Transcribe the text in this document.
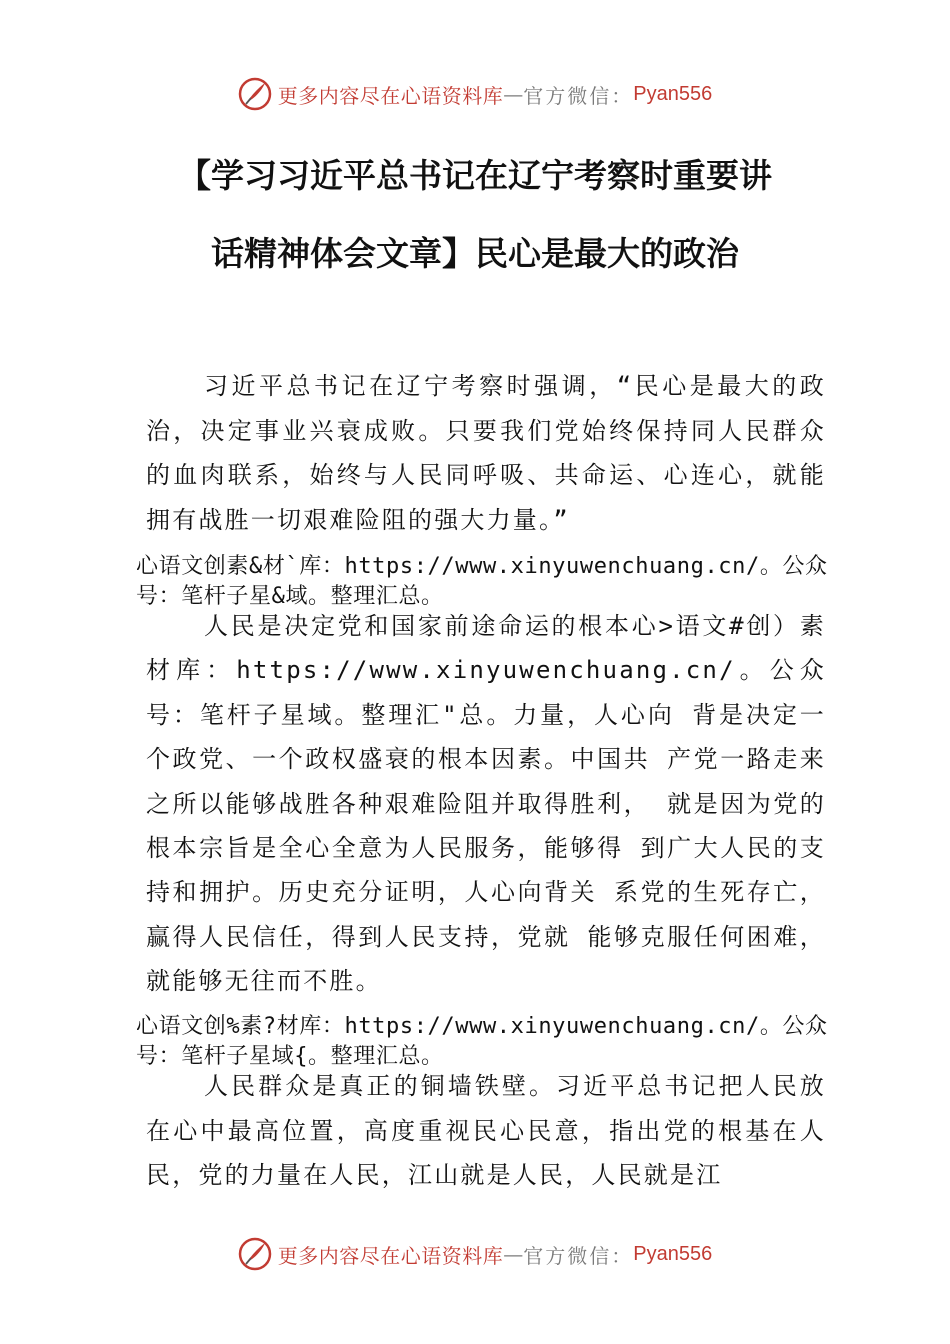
更多内容尽在心语资料库 — 官方微信： Pyan556
【学习习近平总书记在辽宁考察时重要讲
话精神体会文章】民心是最大的政治
习近平总书记在辽宁考察时强调，“民心是最大的政治，决定事业兴衰成败。只要我们党始终保持同人民群众的血肉联系，始终与人民同呼吸、共命运、心连心，就能拥有战胜一切艰难险阻的强大力量。”
心语文创素&材`库：https://www.xinyuwenchuang.cn/。公众号：笔杆子星&域。整理汇总。
人民是决定党和国家前途命运的根本心>语文#创）素材库：https://www.xinyuwenchuang.cn/。公众号：笔杆子星域。整理汇"总。力量，人心向 背是决定一个政党、一个政权盛衰的根本因素。中国共 产党一路走来之所以能够战胜各种艰难险阻并取得胜利， 就是因为党的根本宗旨是全心全意为人民服务，能够得 到广大人民的支持和拥护。历史充分证明，人心向背关 系党的生死存亡，赢得人民信任，得到人民支持，党就 能够克服任何困难，就能够无往而不胜。
心语文创%素?材库：https://www.xinyuwenchuang.cn/。公众号：笔杆子星域{。整理汇总。
人民群众是真正的铜墙铁壁。习近平总书记把人民放在心中最高位置，高度重视民心民意，指出党的根基在人民，党的力量在人民，江山就是人民，人民就是江
更多内容尽在心语资料库 — 官方微信： Pyan556
